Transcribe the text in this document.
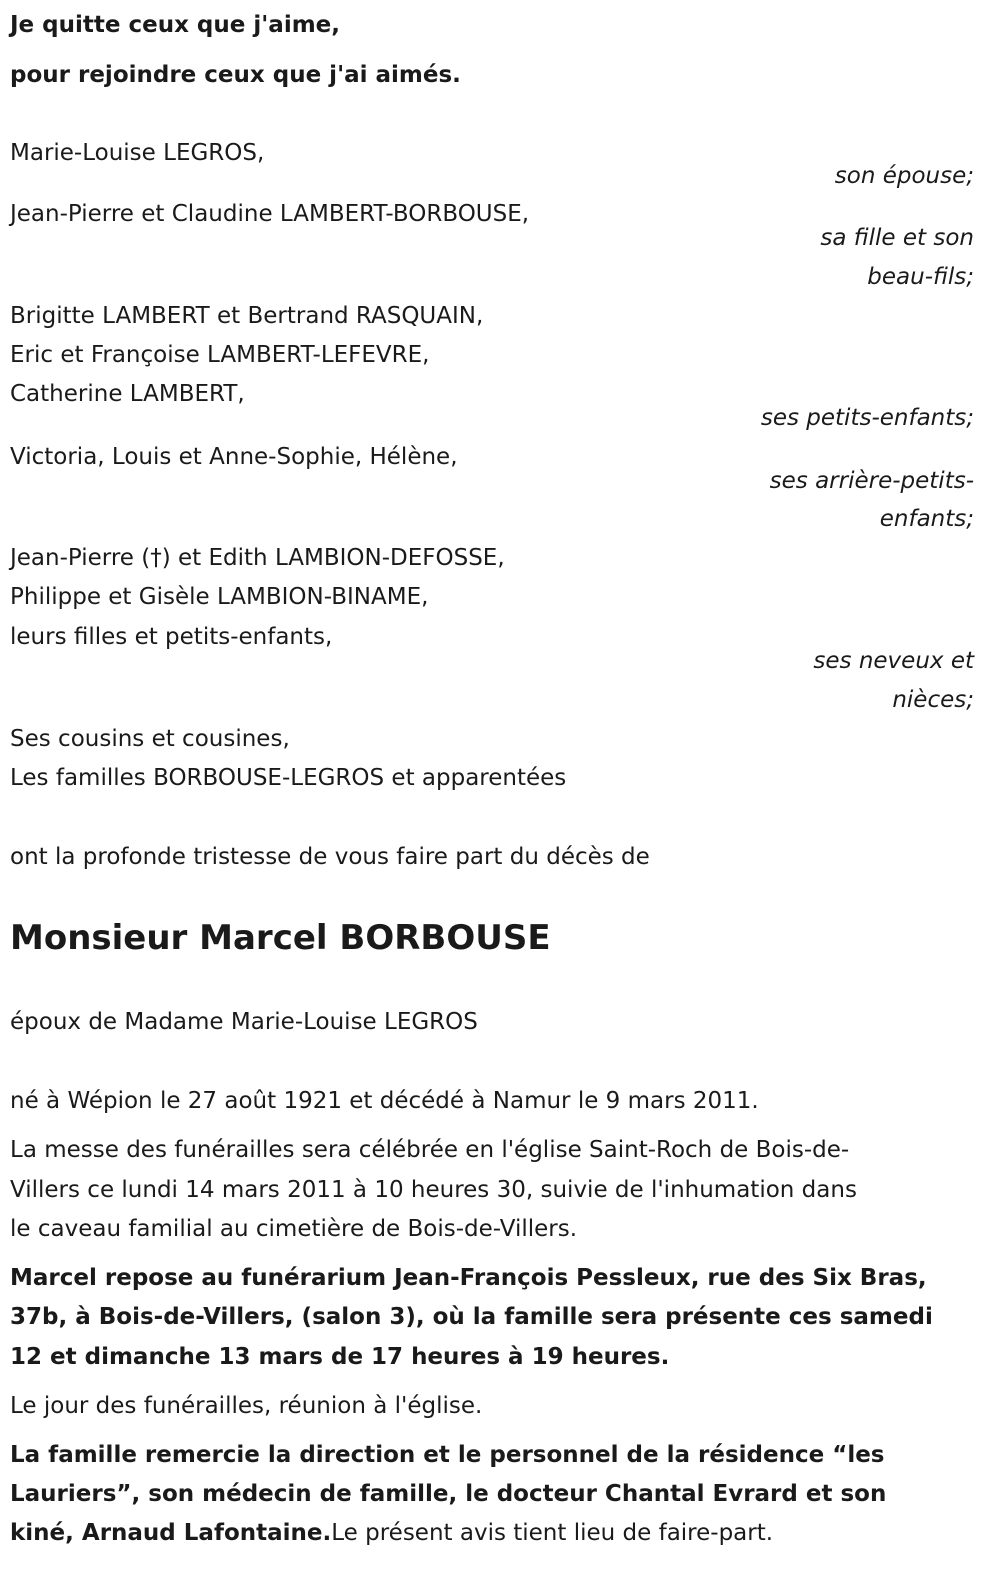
Je quitte ceux que j'aime,
pour rejoindre ceux que j'ai aimés.
Marie-Louise LEGROS,
son épouse;
Jean-Pierre et Claudine LAMBERT-BORBOUSE,
sa fille et son
beau-fils;
Brigitte LAMBERT et Bertrand RASQUAIN,
Eric et Françoise LAMBERT-LEFEVRE,
Catherine LAMBERT,
ses petits-enfants;
Victoria, Louis et Anne-Sophie, Hélène,
ses arrière-petits-
enfants;
Jean-Pierre (†) et Edith LAMBION-DEFOSSE,
Philippe et Gisèle LAMBION-BINAME,
leurs filles et petits-enfants,
ses neveux et
nièces;
Ses cousins et cousines,
Les familles BORBOUSE-LEGROS et apparentées
ont la profonde tristesse de vous faire part du décès de
Monsieur Marcel BORBOUSE
époux de Madame Marie-Louise LEGROS
né à Wépion le 27 août 1921 et décédé à Namur le 9 mars 2011.
La messe des funérailles sera célébrée en l'église Saint-Roch de Bois-de-
Villers ce lundi 14 mars 2011 à 10 heures 30, suivie de l'inhumation dans
le caveau familial au cimetière de Bois-de-Villers.
Marcel repose au funérarium Jean-François Pessleux, rue des Six Bras,
37b, à Bois-de-Villers, (salon 3), où la famille sera présente ces samedi
12 et dimanche 13 mars de 17 heures à 19 heures.
Le jour des funérailles, réunion à l'église.
La famille remercie la direction et le personnel de la résidence “les
Lauriers”, son médecin de famille, le docteur Chantal Evrard et son
kiné, Arnaud Lafontaine.Le présent avis tient lieu de faire-part.
